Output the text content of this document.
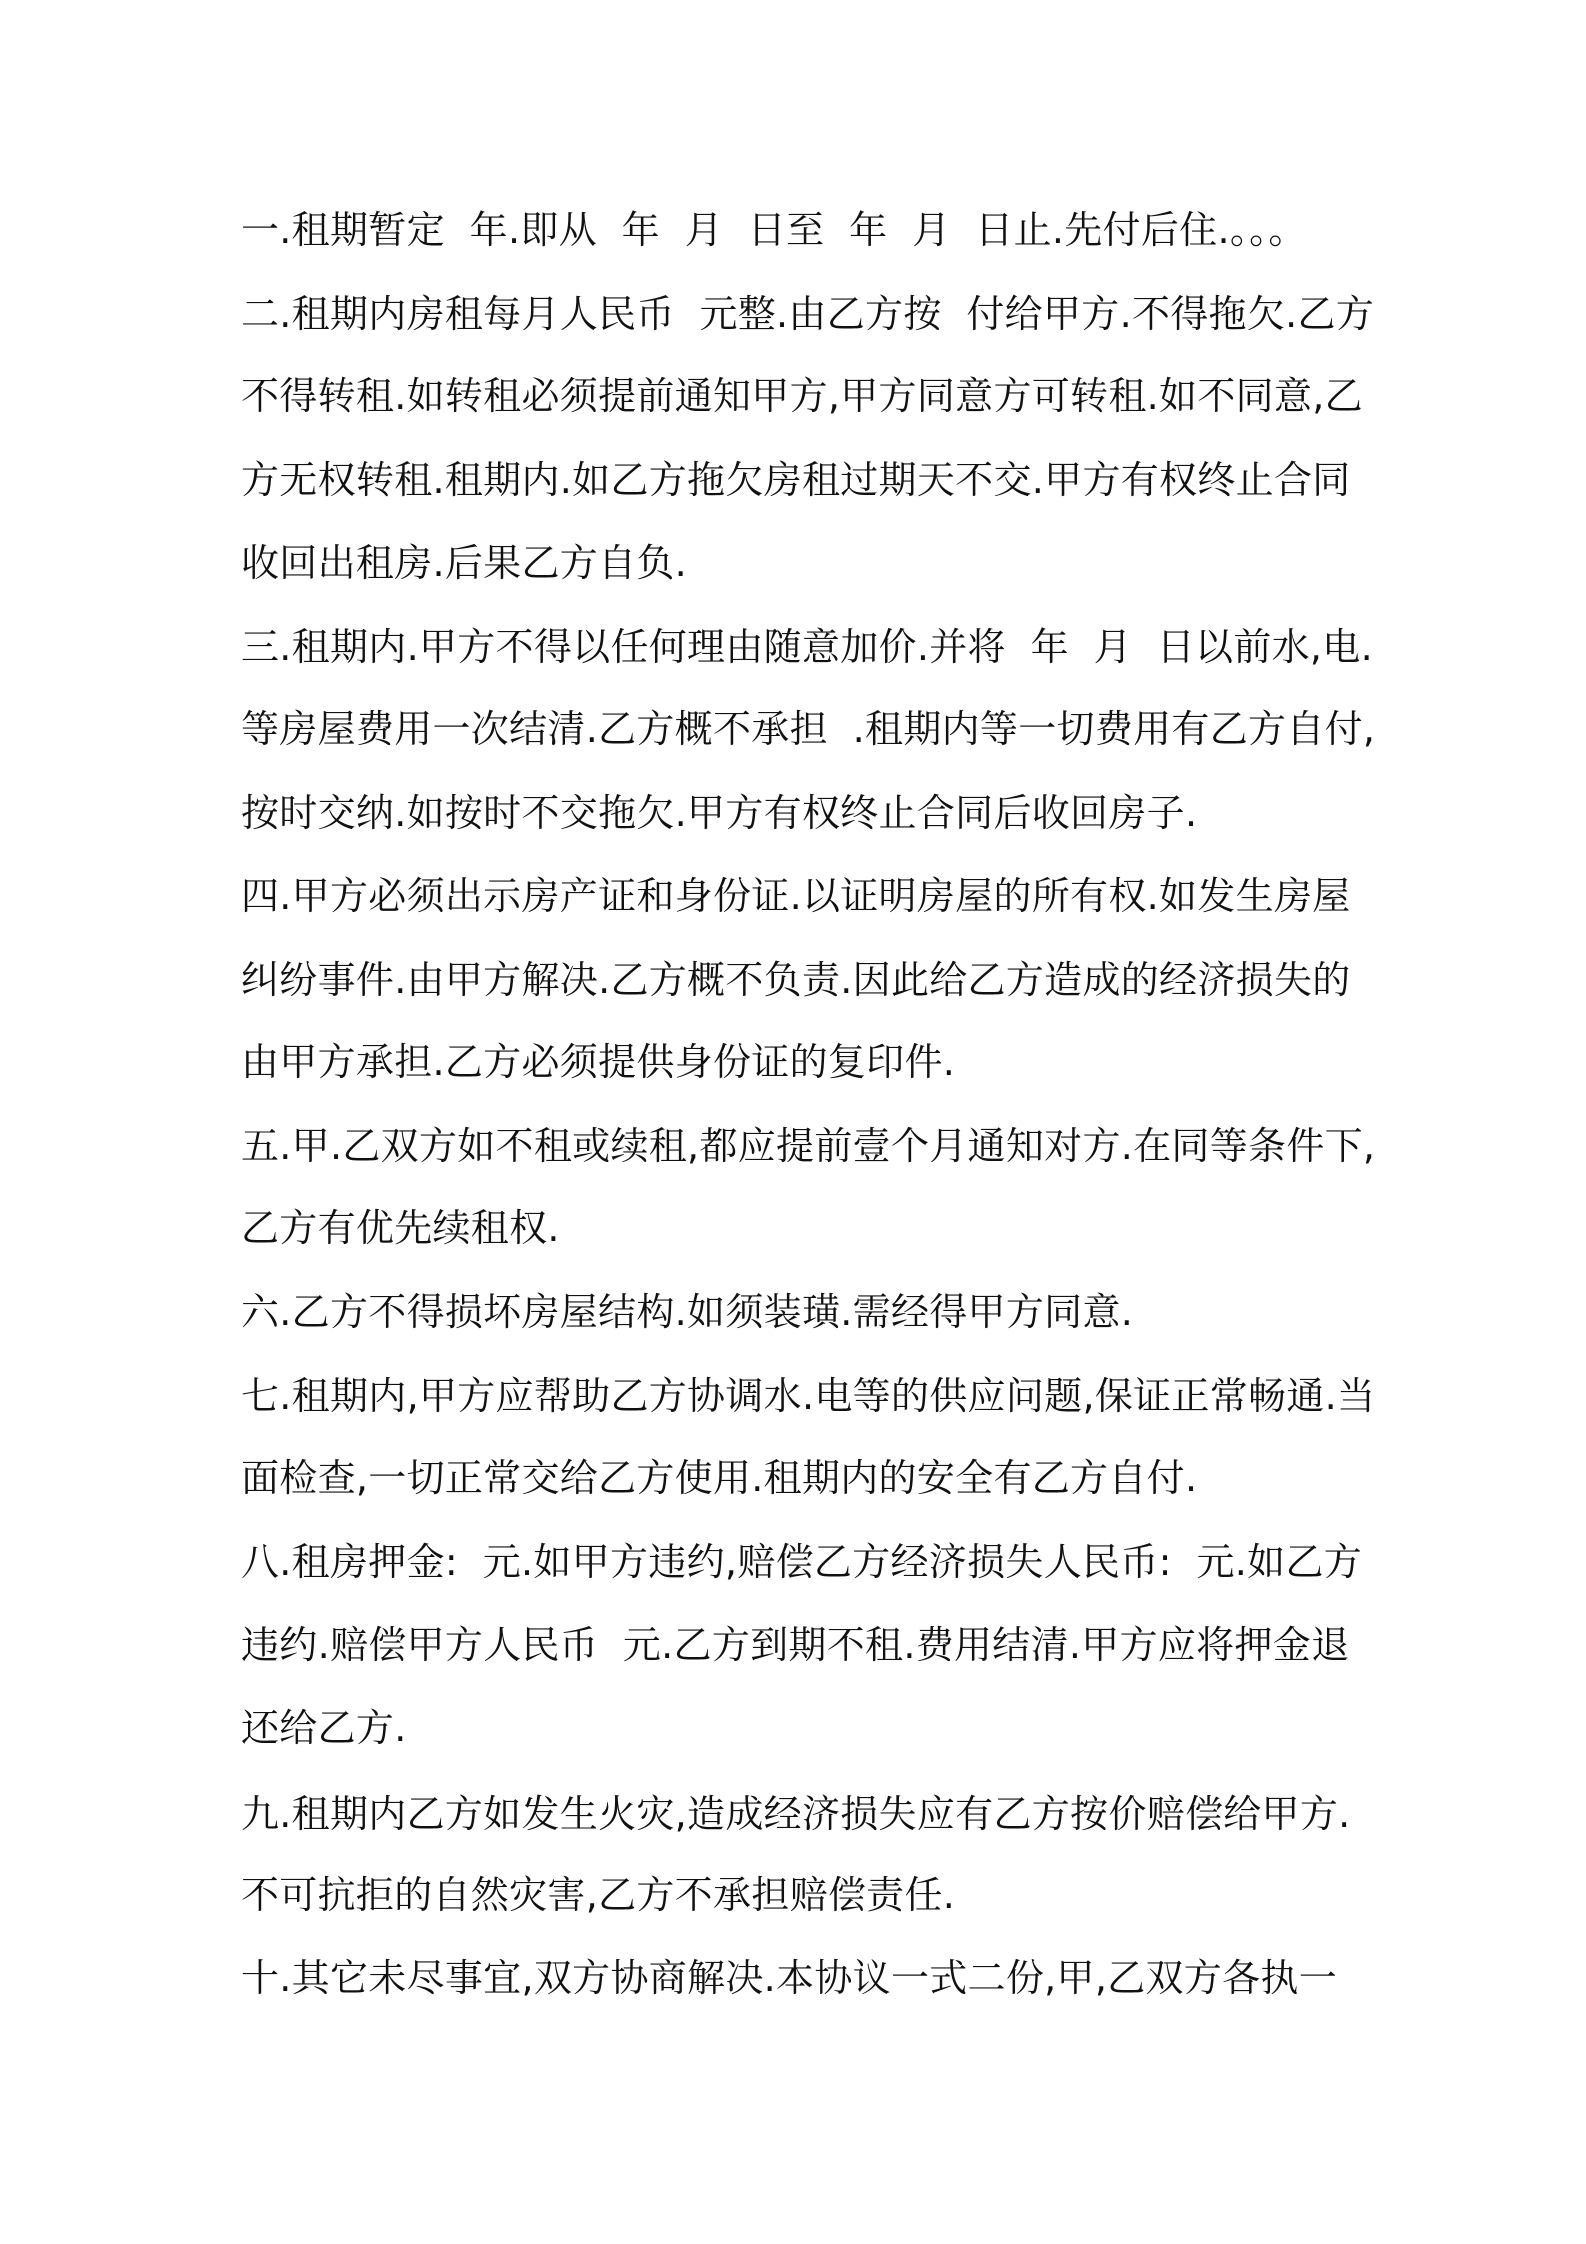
一.租期暂定  年.即从  年  月  日至  年  月  日止.先付后住.。。。
二.租期内房租每月人民币  元整.由乙方按  付给甲方.不得拖欠.乙方
不得转租.如转租必须提前通知甲方,甲方同意方可转租.如不同意,乙
方无权转租.租期内.如乙方拖欠房租过期天不交.甲方有权终止合同
收回出租房.后果乙方自负.
三.租期内.甲方不得以任何理由随意加价.并将  年  月  日以前水,电.
等房屋费用一次结清.乙方概不承担  .租期内等一切费用有乙方自付,
按时交纳.如按时不交拖欠.甲方有权终止合同后收回房子.
四.甲方必须出示房产证和身份证.以证明房屋的所有权.如发生房屋
纠纷事件.由甲方解决.乙方概不负责.因此给乙方造成的经济损失的
由甲方承担.乙方必须提供身份证的复印件.
五.甲.乙双方如不租或续租,都应提前壹个月通知对方.在同等条件下,
乙方有优先续租权.
六.乙方不得损坏房屋结构.如须装璜.需经得甲方同意.
七.租期内,甲方应帮助乙方协调水.电等的供应问题,保证正常畅通.当
面检查,一切正常交给乙方使用.租期内的安全有乙方自付.
八.租房押金:  元.如甲方违约,赔偿乙方经济损失人民币:  元.如乙方
违约.赔偿甲方人民币  元.乙方到期不租.费用结清.甲方应将押金退
还给乙方.
九.租期内乙方如发生火灾,造成经济损失应有乙方按价赔偿给甲方.
不可抗拒的自然灾害,乙方不承担赔偿责任.
十.其它未尽事宜,双方协商解决.本协议一式二份,甲,乙双方各执一
